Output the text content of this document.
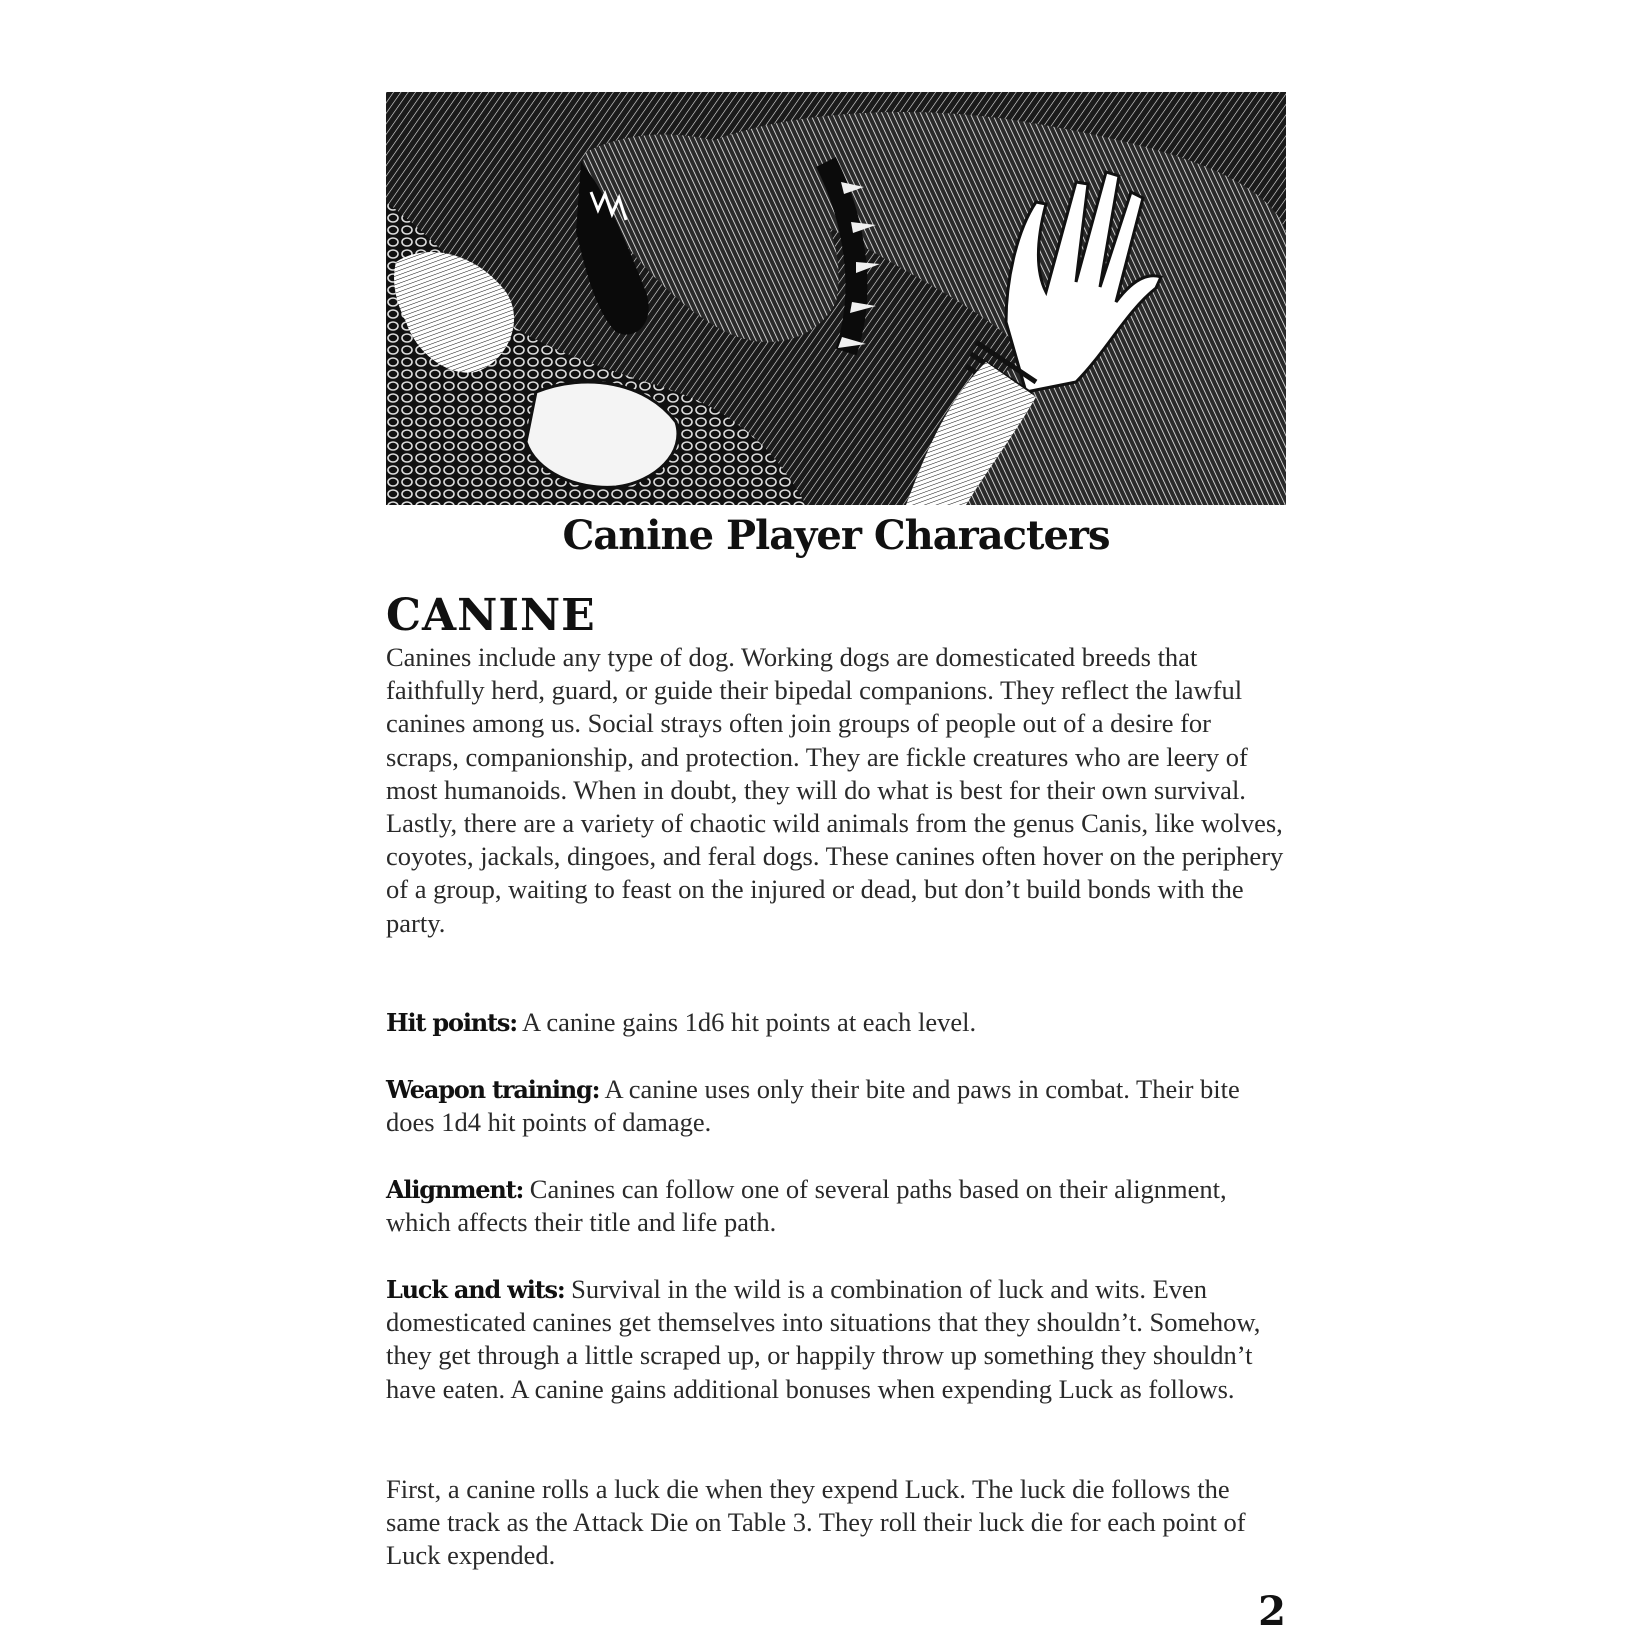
Canine Player Characters
CANINE

Canines include any type of dog. Working dogs are domesticated breeds that faithfully herd, guard, or guide their bipedal companions. They reflect the lawful canines among us. Social strays often join groups of people out of a desire for scraps, companionship, and protection. They are fickle creatures who are leery of most humanoids. When in doubt, they will do what is best for their own survival. Lastly, there are a variety of chaotic wild animals from the genus Canis, like wolves, coyotes, jackals, dingoes, and feral dogs. These canines often hover on the periphery of a group, waiting to feast on the injured or dead, but don’t build bonds with the party.

Hit points: A canine gains 1d6 hit points at each level.

Weapon training: A canine uses only their bite and paws in combat. Their bite does 1d4 hit points of damage.

Alignment: Canines can follow one of several paths based on their alignment, which affects their title and life path.

Luck and wits: Survival in the wild is a combination of luck and wits. Even domesticated canines get themselves into situations that they shouldn’t. Somehow, they get through a little scraped up, or happily throw up something they shouldn’t have eaten. A canine gains additional bonuses when expending Luck as follows.

First, a canine rolls a luck die when they expend Luck. The luck die follows the same track as the Attack Die on Table 3. They roll their luck die for each point of Luck expended.

2
